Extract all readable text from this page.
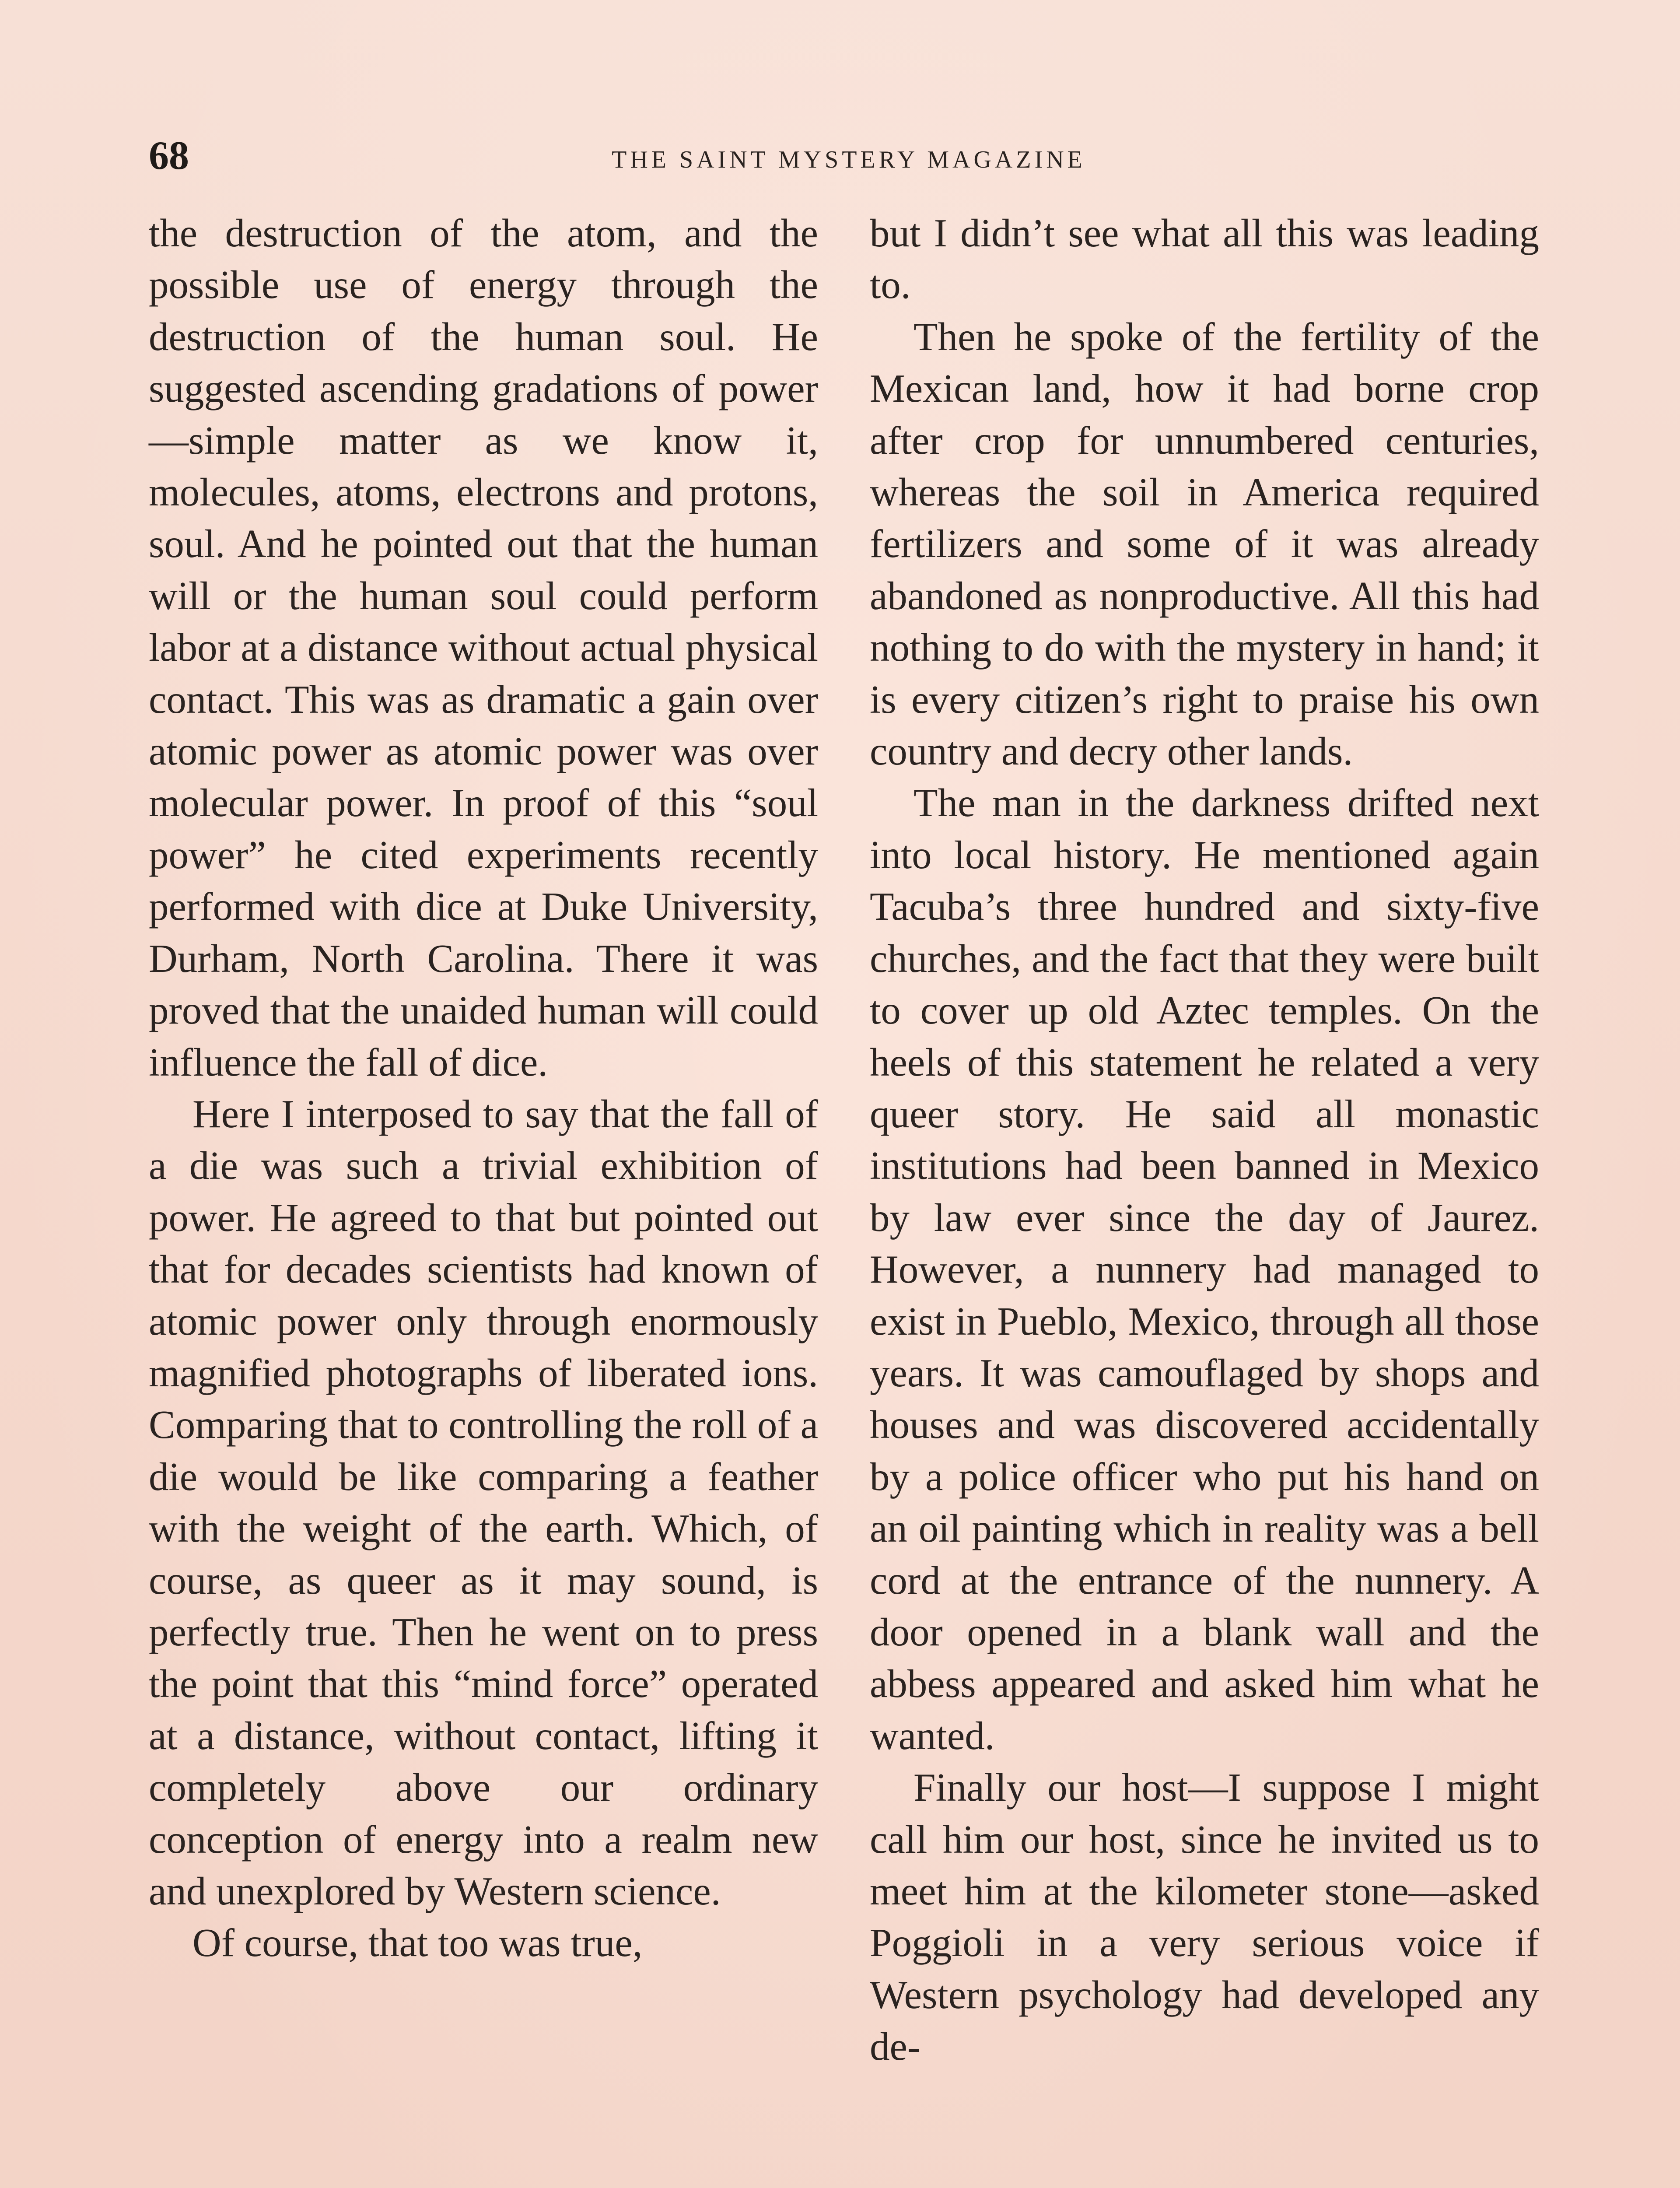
68	THE SAINT MYSTERY MAGAZINE

the destruction of the atom, and the possible use of energy through the destruction of the human soul. He suggested ascending gradations of power—simple matter as we know it, molecules, atoms, electrons and protons, soul. And he pointed out that the human will or the human soul could perform labor at a distance without actual physical contact. This was as dramatic a gain over atomic power as atomic power was over molecular power. In proof of this “soul power” he cited experiments recently performed with dice at Duke University, Durham, North Carolina. There it was proved that the unaided human will could influence the fall of dice.

Here I interposed to say that the fall of a die was such a trivial exhibition of power. He agreed to that but pointed out that for decades scientists had known of atomic power only through enormously magnified photographs of liberated ions. Comparing that to controlling the roll of a die would be like comparing a feather with the weight of the earth. Which, of course, as queer as it may sound, is perfectly true. Then he went on to press the point that this “mind force” operated at a distance, without contact, lifting it completely above our ordinary conception of energy into a realm new and unexplored by Western science.

Of course, that too was true,

but I didn’t see what all this was leading to.

Then he spoke of the fertility of the Mexican land, how it had borne crop after crop for unnumbered centuries, whereas the soil in America required fertilizers and some of it was already abandoned as nonproductive. All this had nothing to do with the mystery in hand; it is every citizen’s right to praise his own country and decry other lands.

The man in the darkness drifted next into local history. He mentioned again Tacuba’s three hundred and sixty-five churches, and the fact that they were built to cover up old Aztec temples. On the heels of this statement he related a very queer story. He said all monastic institutions had been banned in Mexico by law ever since the day of Jaurez. However, a nunnery had managed to exist in Pueblo, Mexico, through all those years. It was camouflaged by shops and houses and was discovered accidentally by a police officer who put his hand on an oil painting which in reality was a bell cord at the entrance of the nunnery. A door opened in a blank wall and the abbess appeared and asked him what he wanted.

Finally our host—I suppose I might call him our host, since he invited us to meet him at the kilometer stone—asked Poggioli in a very serious voice if Western psychology had developed any de-
